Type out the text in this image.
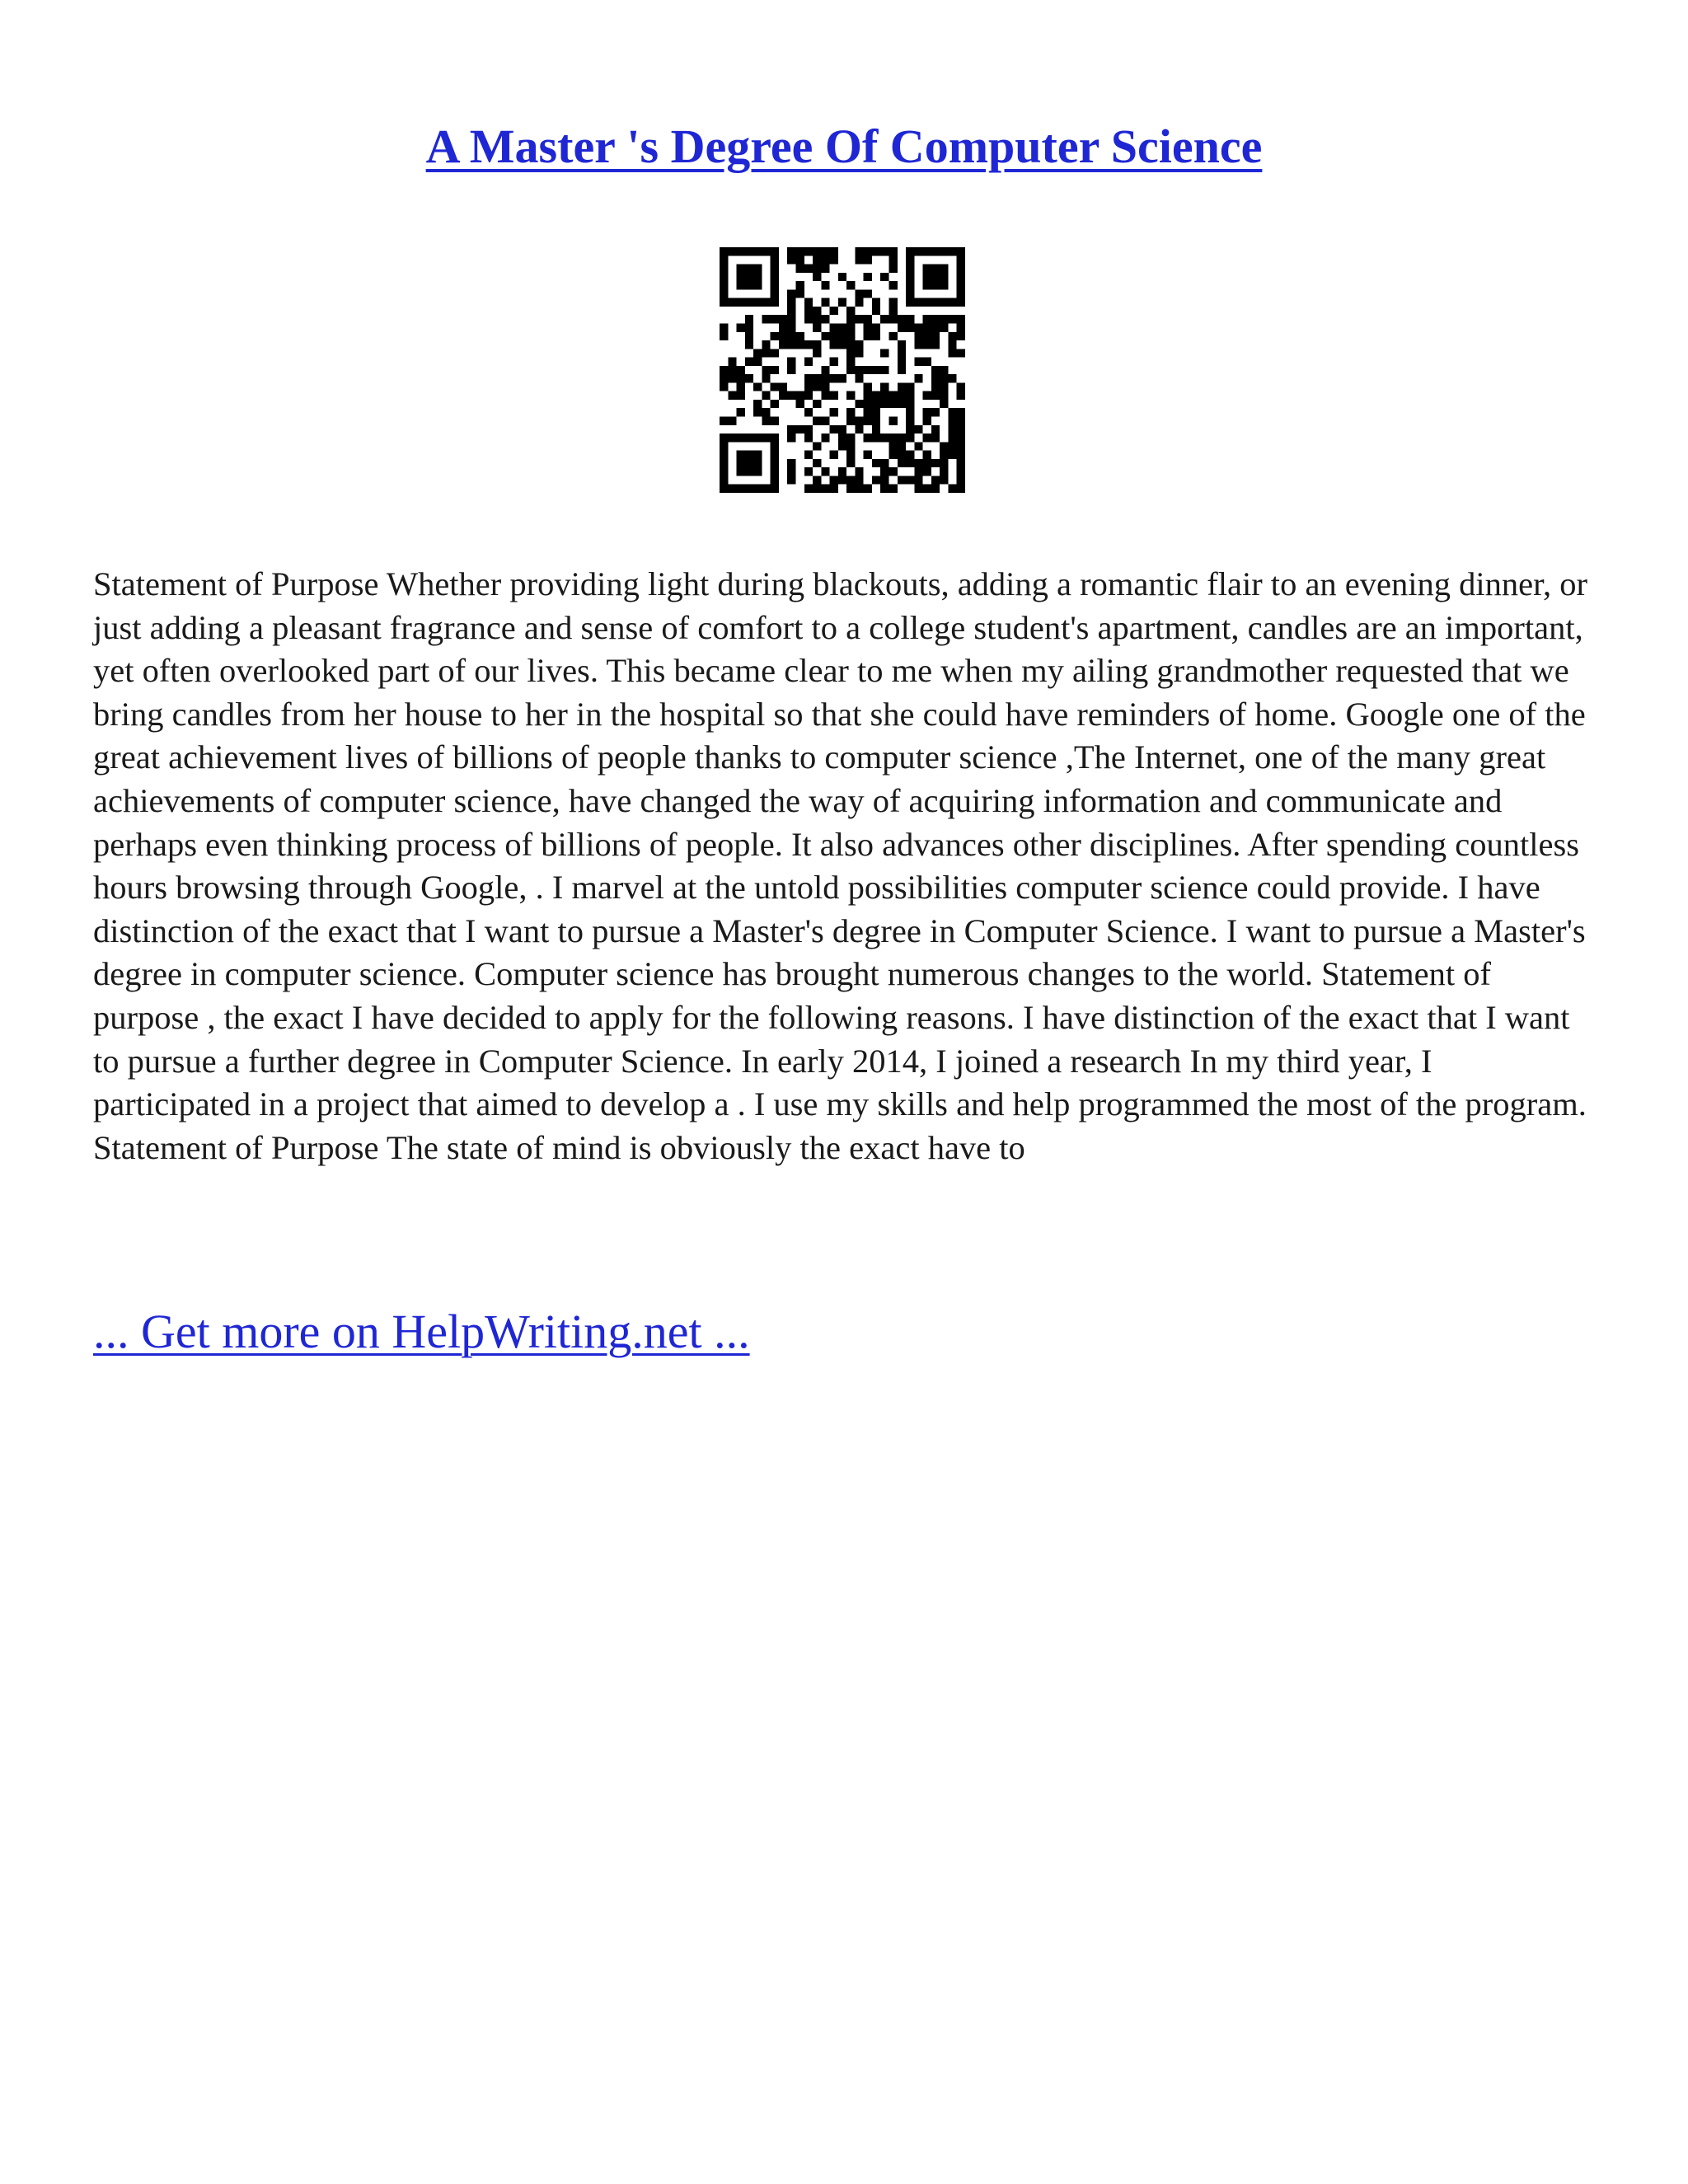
A Master 's Degree Of Computer Science

Statement of Purpose Whether providing light during blackouts, adding a romantic flair to an evening dinner, or just adding a pleasant fragrance and sense of comfort to a college student's apartment, candles are an important, yet often overlooked part of our lives. This became clear to me when my ailing grandmother requested that we bring candles from her house to her in the hospital so that she could have reminders of home. Google one of the great achievement lives of billions of people thanks to computer science ,The Internet, one of the many great achievements of computer science, have changed the way of acquiring information and communicate and perhaps even thinking process of billions of people. It also advances other disciplines. After spending countless hours browsing through Google, . I marvel at the untold possibilities computer science could provide. I have distinction of the exact that I want to pursue a Master's degree in Computer Science. I want to pursue a Master's degree in computer science. Computer science has brought numerous changes to the world. Statement of purpose , the exact I have decided to apply for the following reasons. I have distinction of the exact that I want to pursue a further degree in Computer Science. In early 2014, I joined a research In my third year, I participated in a project that aimed to develop a . I use my skills and help programmed the most of the program. Statement of Purpose The state of mind is obviously the exact have to

... Get more on HelpWriting.net ...
